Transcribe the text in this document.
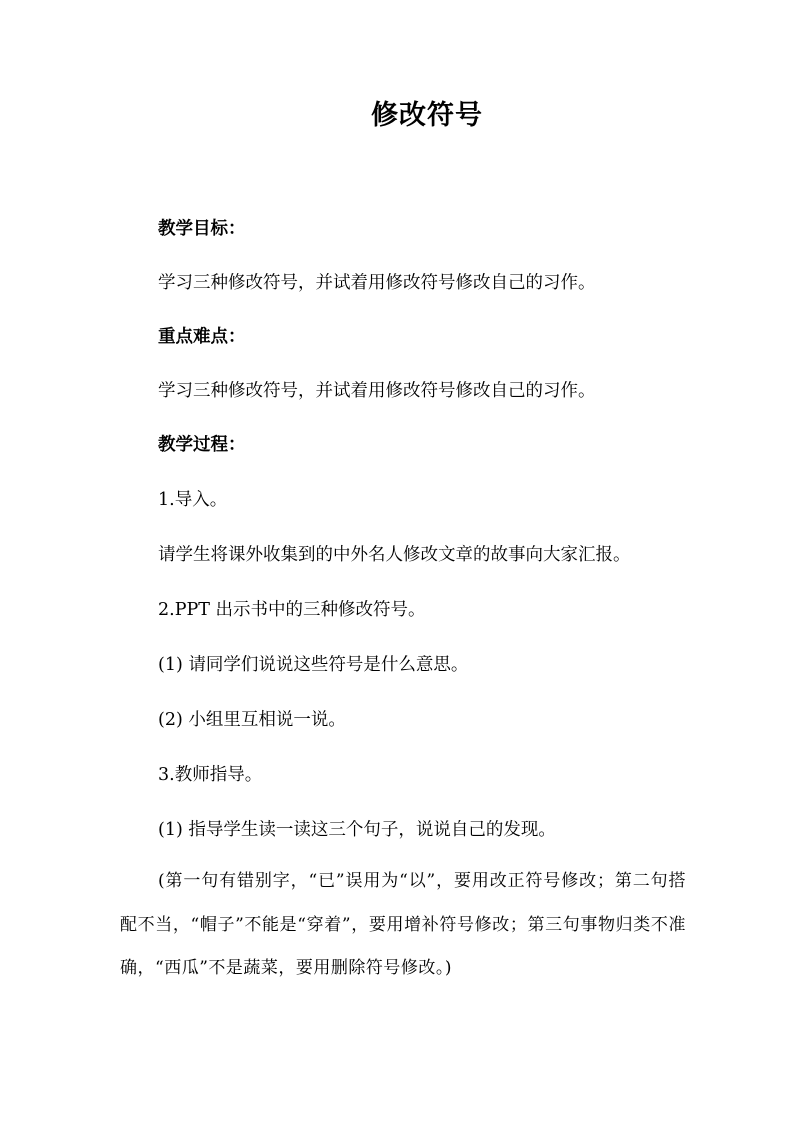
修改符号
教学目标：
学习三种修改符号，并试着用修改符号修改自己的习作。
重点难点：
学习三种修改符号，并试着用修改符号修改自己的习作。
教学过程：
1.导入。
请学生将课外收集到的中外名人修改文章的故事向大家汇报。
2.PPT 出示书中的三种修改符号。
(1) 请同学们说说这些符号是什么意思。
(2) 小组里互相说一说。
3.教师指导。
(1) 指导学生读一读这三个句子，说说自己的发现。
(第一句有错别字，“已”误用为“以”，要用改正符号修改；第二句搭配不当，“帽子”不能是“穿着”，要用增补符号修改；第三句事物归类不准确，“西瓜”不是蔬菜，要用删除符号修改。)
